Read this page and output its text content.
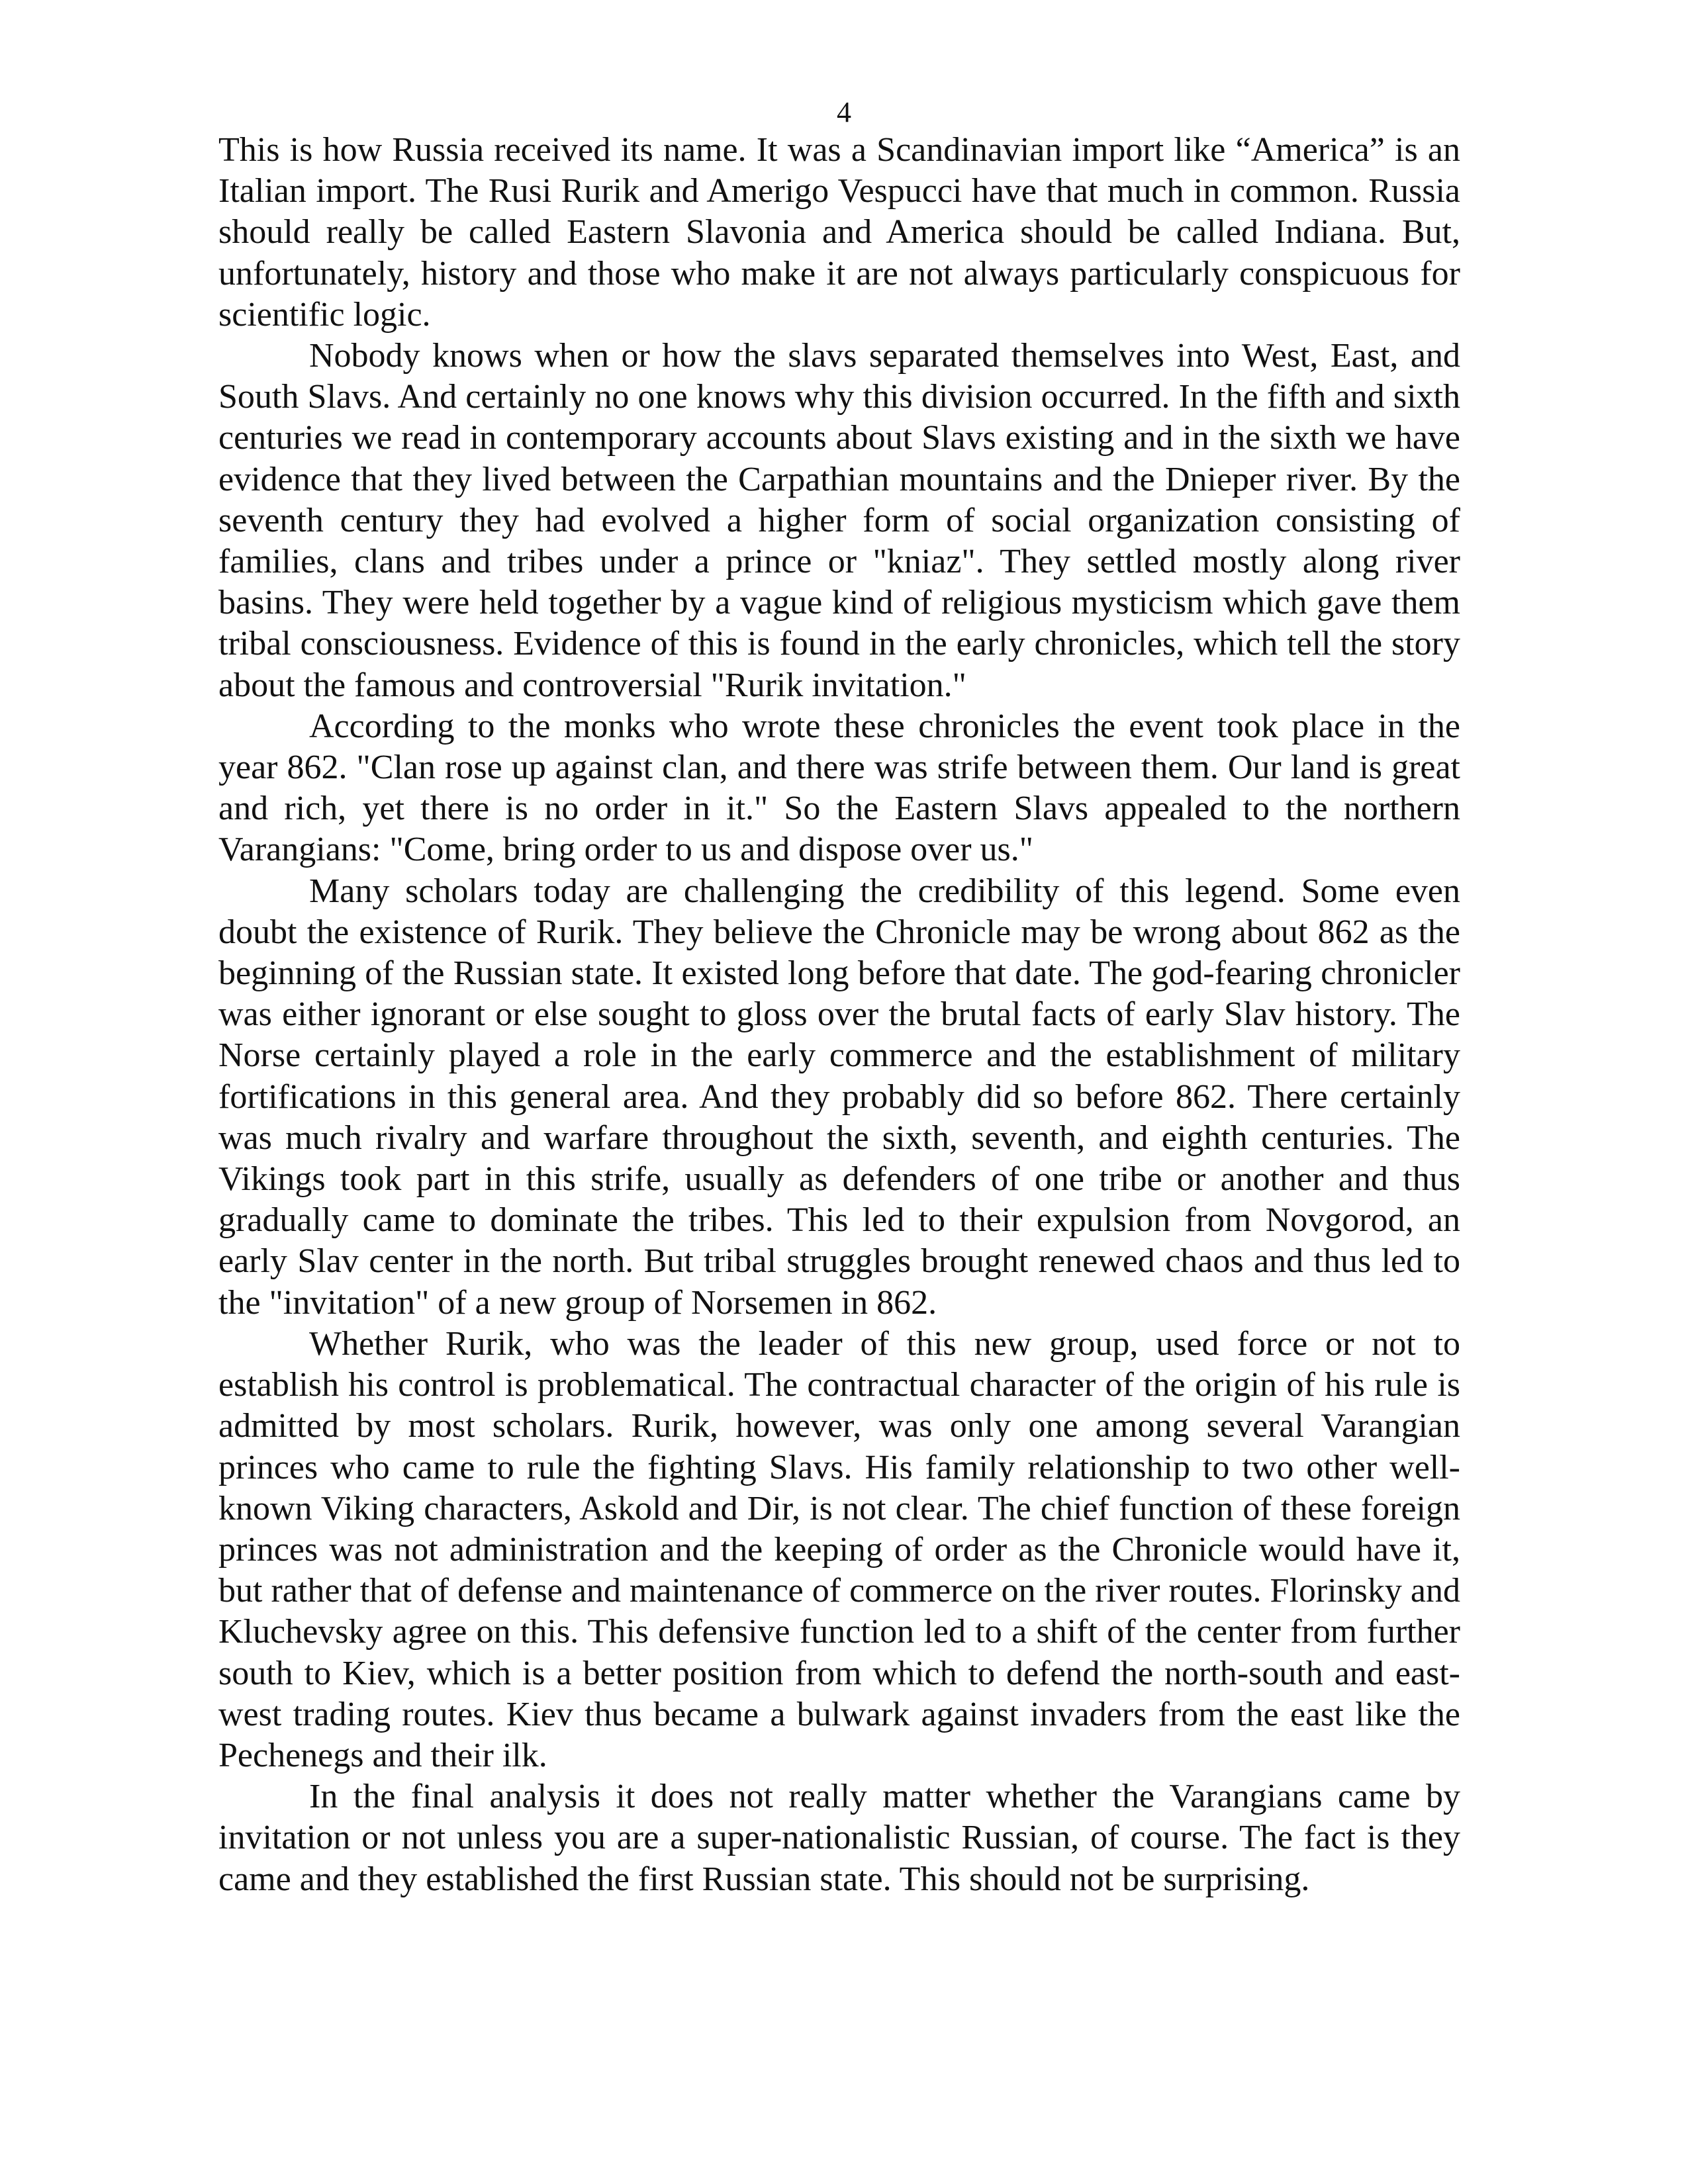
4

This is how Russia received its name. It was a Scandinavian import like “America” is an Italian import. The Rusi Rurik and Amerigo Vespucci have that much in common. Russia should really be called Eastern Slavonia and America should be called Indiana. But, unfortunately, history and those who make it are not always particularly conspicuous for scientific logic.

Nobody knows when or how the slavs separated themselves into West, East, and South Slavs. And certainly no one knows why this division occurred. In the fifth and sixth centuries we read in contemporary accounts about Slavs existing and in the sixth we have evidence that they lived between the Carpathian mountains and the Dnieper river. By the seventh century they had evolved a higher form of social organization consisting of families, clans and tribes under a prince or "kniaz". They settled mostly along river basins. They were held together by a vague kind of religious mysticism which gave them tribal consciousness. Evidence of this is found in the early chronicles, which tell the story about the famous and controversial "Rurik invitation."

According to the monks who wrote these chronicles the event took place in the year 862. "Clan rose up against clan, and there was strife between them. Our land is great and rich, yet there is no order in it." So the Eastern Slavs appealed to the northern Varangians: "Come, bring order to us and dispose over us."

Many scholars today are challenging the credibility of this legend. Some even doubt the existence of Rurik. They believe the Chronicle may be wrong about 862 as the beginning of the Russian state. It existed long before that date. The god-fearing chronicler was either ignorant or else sought to gloss over the brutal facts of early Slav history. The Norse certainly played a role in the early commerce and the establishment of military fortifications in this general area. And they probably did so before 862. There certainly was much rivalry and warfare throughout the sixth, seventh, and eighth centuries. The Vikings took part in this strife, usually as defenders of one tribe or another and thus gradually came to dominate the tribes. This led to their expulsion from Novgorod, an early Slav center in the north. But tribal struggles brought renewed chaos and thus led to the "invitation" of a new group of Norsemen in 862.

Whether Rurik, who was the leader of this new group, used force or not to establish his control is problematical. The contractual character of the origin of his rule is admitted by most scholars. Rurik, however, was only one among several Varangian princes who came to rule the fighting Slavs. His family relationship to two other well-known Viking characters, Askold and Dir, is not clear. The chief function of these foreign princes was not administration and the keeping of order as the Chronicle would have it, but rather that of defense and maintenance of commerce on the river routes. Florinsky and Kluchevsky agree on this. This defensive function led to a shift of the center from further south to Kiev, which is a better position from which to defend the north-south and east-west trading routes. Kiev thus became a bulwark against invaders from the east like the Pechenegs and their ilk.

In the final analysis it does not really matter whether the Varangians came by invitation or not unless you are a super-nationalistic Russian, of course. The fact is they came and they established the first Russian state. This should not be surprising.
